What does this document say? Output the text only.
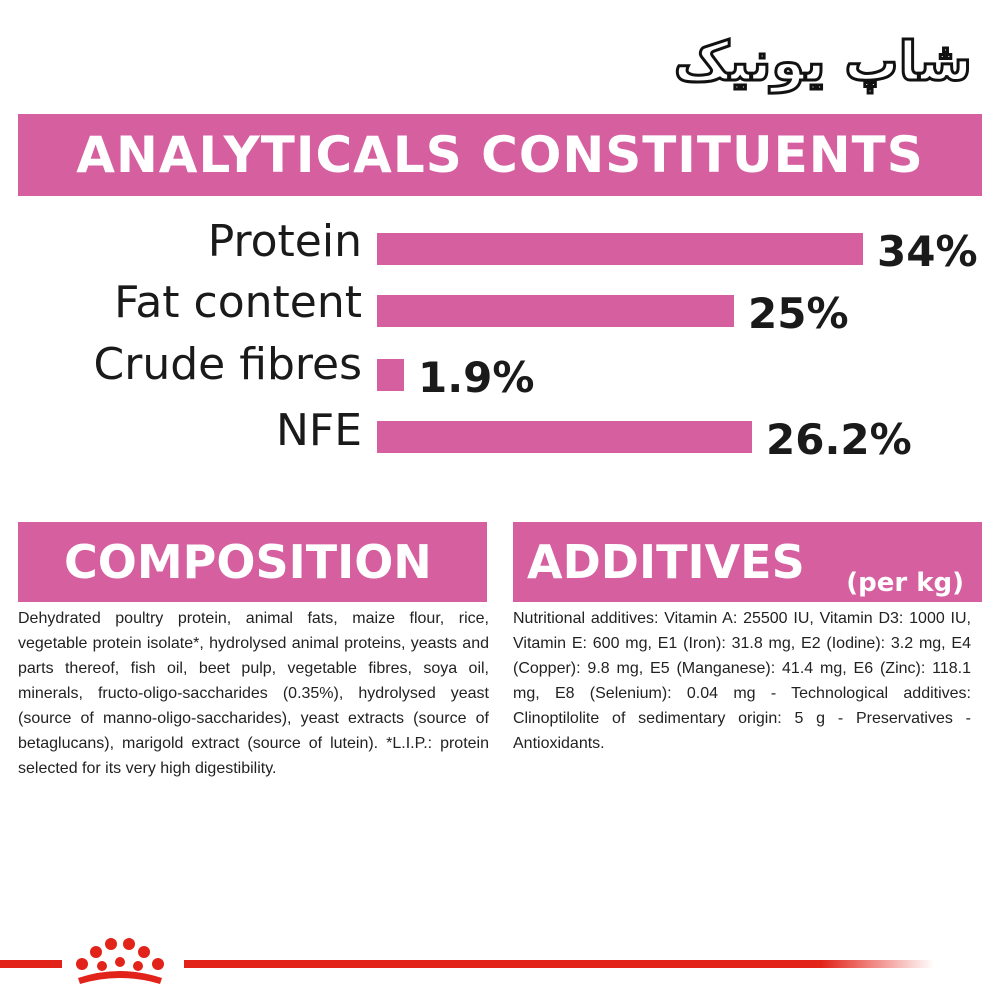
شاپ یونیک
ANALYTICALS CONSTITUENTS
Protein	34%
Fat content	25%
Crude fibres 1.9%
NFE	26.2%
COMPOSITION

Dehydrated poultry protein, animal fats, maize flour, rice, vegetable protein isolate*, hydrolysed animal proteins, yeasts and parts thereof, fish oil, beet pulp, vegetable fibres, soya oil, minerals, fructo-oligo-saccharides (0.35%), hydrolysed yeast (source of manno-oligo-saccharides), yeast extracts (source of betaglucans), marigold extract (source of lutein). *L.I.P.: protein selected for its very high digestibility.

ADDITIVES (per kg)

Nutritional additives: Vitamin A: 25500 IU, Vitamin D3: 1000 IU, Vitamin E: 600 mg, E1 (Iron): 31.8 mg, E2 (Iodine): 3.2 mg, E4 (Copper): 9.8 mg, E5 (Manganese): 41.4 mg, E6 (Zinc): 118.1 mg, E8 (Selenium): 0.04 mg - Technological additives: Clinoptilolite of sedimentary origin: 5 g - Preservatives - Antioxidants.
